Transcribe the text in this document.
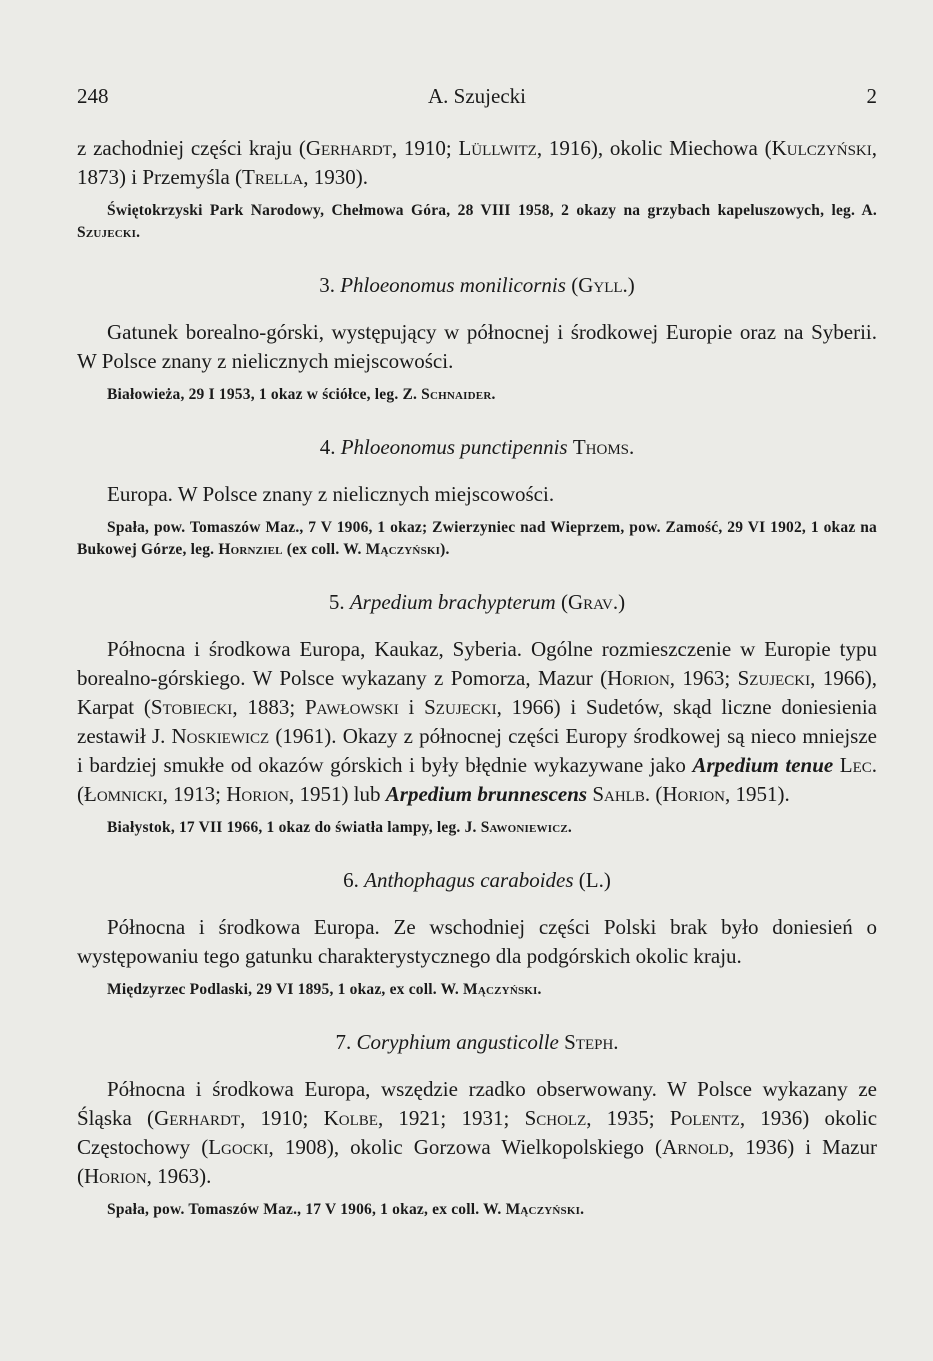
248	A. Szujecki	2

z zachodniej części kraju (Gerhardt, 1910; Lüllwitz, 1916), okolic Miechowa (Kulczyński, 1873) i Przemyśla (Trella, 1930).

Świętokrzyski Park Narodowy, Chełmowa Góra, 28 VIII 1958, 2 okazy na grzybach kapeluszowych, leg. A. Szujecki.

3. Phloeonomus monilicornis (Gyll.)

Gatunek borealno-górski, występujący w północnej i środkowej Europie oraz na Syberii. W Polsce znany z nielicznych miejscowości.

Białowieża, 29 I 1953, 1 okaz w ściółce, leg. Z. Schnaider.

4. Phloeonomus punctipennis Thoms.

Europa. W Polsce znany z nielicznych miejscowości.

Spała, pow. Tomaszów Maz., 7 V 1906, 1 okaz; Zwierzyniec nad Wieprzem, pow. Zamość, 29 VI 1902, 1 okaz na Bukowej Górze, leg. Hornziel (ex coll. W. Mączyński).

5. Arpedium brachypterum (Grav.)

Północna i środkowa Europa, Kaukaz, Syberia. Ogólne rozmieszczenie w Europie typu borealno-górskiego. W Polsce wykazany z Pomorza, Mazur (Horion, 1963; Szujecki, 1966), Karpat (Stobiecki, 1883; Pawłowski i Szujecki, 1966) i Sudetów, skąd liczne doniesienia zestawił J. Noskiewicz (1961). Okazy z północnej części Europy środkowej są nieco mniejsze i bardziej smukłe od okazów górskich i były błędnie wykazywane jako Arpedium tenue Lec. (Łomnicki, 1913; Horion, 1951) lub Arpedium brunnescens Sahlb. (Horion, 1951).

Białystok, 17 VII 1966, 1 okaz do światła lampy, leg. J. Sawoniewicz.

6. Anthophagus caraboides (L.)

Północna i środkowa Europa. Ze wschodniej części Polski brak było doniesień o występowaniu tego gatunku charakterystycznego dla podgórskich okolic kraju.

Międzyrzec Podlaski, 29 VI 1895, 1 okaz, ex coll. W. Mączyński.

7. Coryphium angusticolle Steph.

Północna i środkowa Europa, wszędzie rzadko obserwowany. W Polsce wykazany ze Śląska (Gerhardt, 1910; Kolbe, 1921; 1931; Scholz, 1935; Polentz, 1936) okolic Częstochowy (Lgocki, 1908), okolic Gorzowa Wielkopolskiego (Arnold, 1936) i Mazur (Horion, 1963).

Spała, pow. Tomaszów Maz., 17 V 1906, 1 okaz, ex coll. W. Mączyński.
